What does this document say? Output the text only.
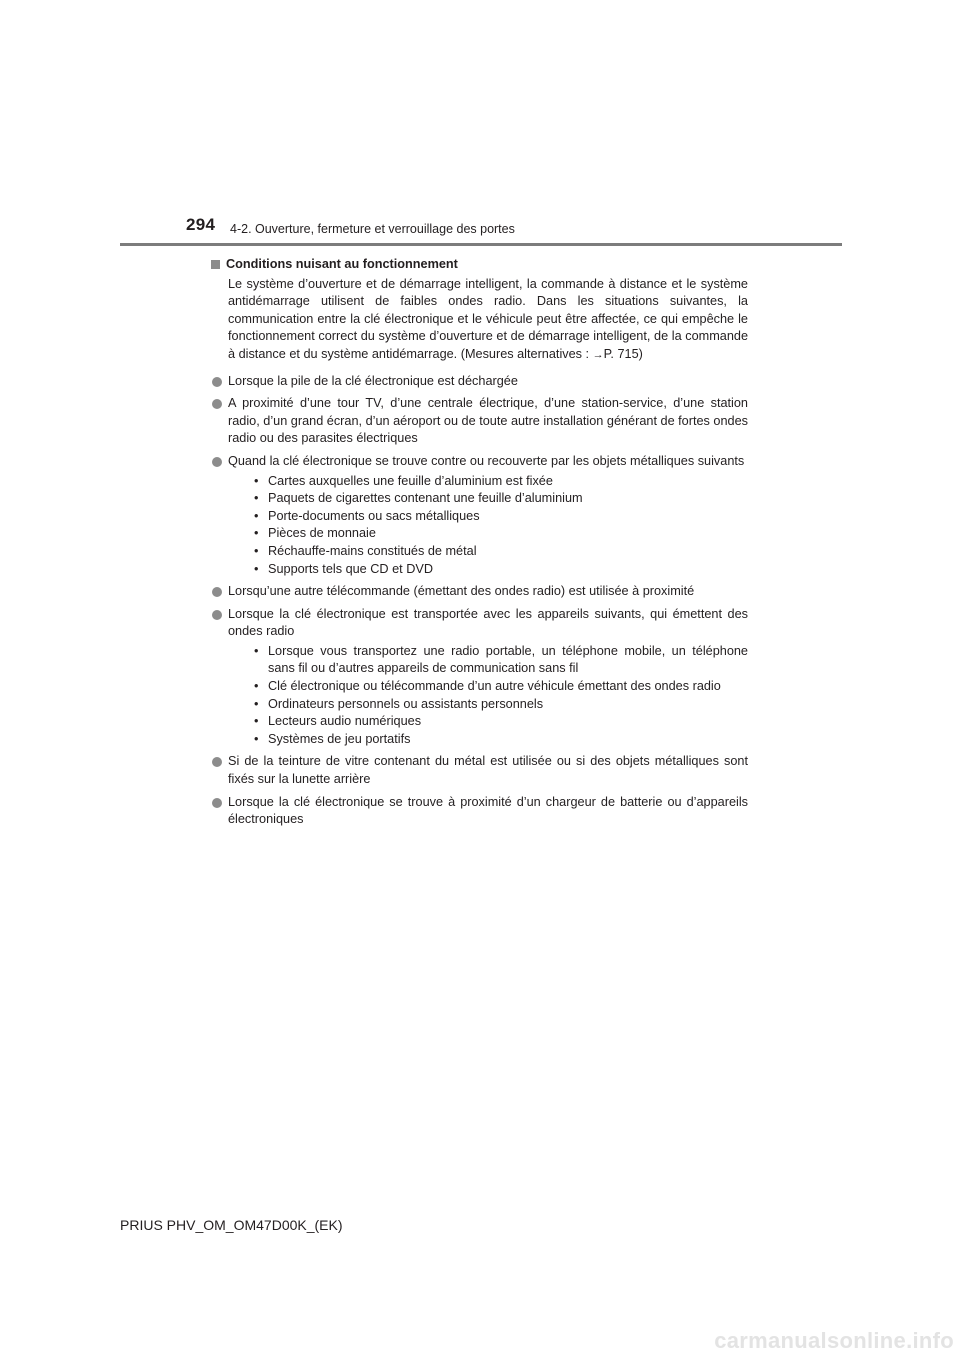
294 4-2. Ouverture, fermeture et verrouillage des portes
Conditions nuisant au fonctionnement

Le système d’ouverture et de démarrage intelligent, la commande à distance et le système antidémarrage utilisent de faibles ondes radio. Dans les situations suivantes, la communication entre la clé électronique et le véhicule peut être affectée, ce qui empêche le fonctionnement correct du système d’ouverture et de démarrage intelligent, de la commande à distance et du système antidémarrage. (Mesures alternatives : →P. 715)

Lorsque la pile de la clé électronique est déchargée
A proximité d’une tour TV, d’une centrale électrique, d’une station-service, d’une station radio, d’un grand écran, d’un aéroport ou de toute autre installation générant de fortes ondes radio ou des parasites électriques
Quand la clé électronique se trouve contre ou recouverte par les objets métalliques suivants
• Cartes auxquelles une feuille d’aluminium est fixée
• Paquets de cigarettes contenant une feuille d’aluminium
• Porte-documents ou sacs métalliques
• Pièces de monnaie
• Réchauffe-mains constitués de métal
• Supports tels que CD et DVD
Lorsqu’une autre télécommande (émettant des ondes radio) est utilisée à proximité
Lorsque la clé électronique est transportée avec les appareils suivants, qui émettent des ondes radio
• Lorsque vous transportez une radio portable, un téléphone mobile, un téléphone sans fil ou d’autres appareils de communication sans fil
• Clé électronique ou télécommande d’un autre véhicule émettant des ondes radio
• Ordinateurs personnels ou assistants personnels
• Lecteurs audio numériques
• Systèmes de jeu portatifs
Si de la teinture de vitre contenant du métal est utilisée ou si des objets métalliques sont fixés sur la lunette arrière
Lorsque la clé électronique se trouve à proximité d’un chargeur de batterie ou d’appareils électroniques
PRIUS PHV_OM_OM47D00K_(EK)
carmanualsonline.info
